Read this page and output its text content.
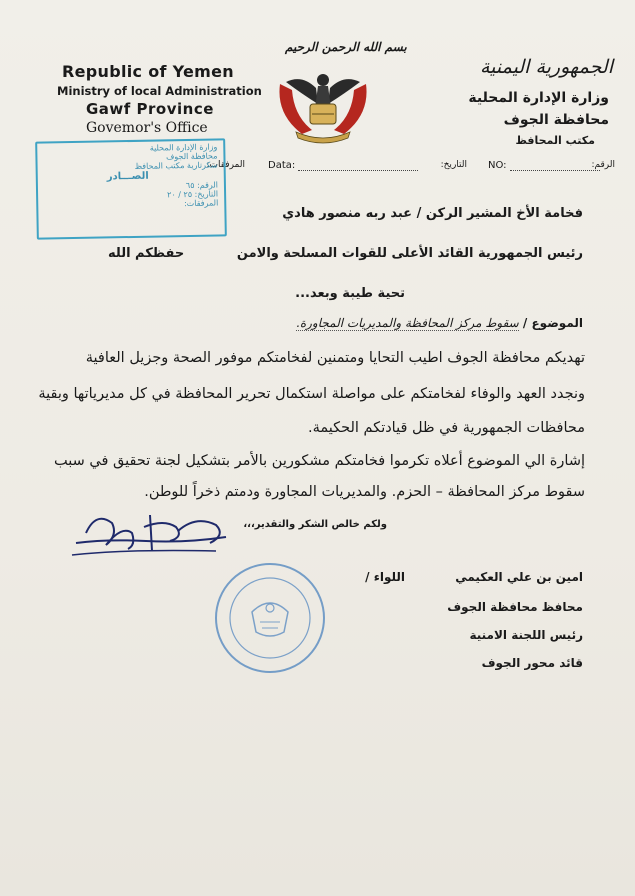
Republic of Yemen
Ministry of local Administration
Gawf Province
Govemor's Office
الجمهورية اليمنية
وزارة الإدارة المحلية
محافظة الجوف
مكتب المحافظ
بسم الله الرحمن الرحيم
الرقم:
NO:
التاريخ:
Data:
المرفقات:
وزارة الإدارة المحلية
محافظة الجوف
سكرتارية مكتب المحافظ
الصـــادر
الرقم: ٦٥
التاريخ: ٢٥ / ٢٠
المرفقات:
فخامة الأخ المشير الركن / عبد ربه منصور هادي
رئيس الجمهورية القائد الأعلى للقوات المسلحة والامن
حفظكم الله
تحية طيبة وبعد...
الموضوع / سقوط مركز المحافظة والمديريات المجاورة.
تهديكم محافظة الجوف اطيب التحايا ومتمنين لفخامتكم موفور الصحة وجزيل العافية
ونجدد العهد والوفاء لفخامتكم على مواصلة استكمال تحرير المحافظة في كل مديرياتها وبقية
محافظات الجمهورية في ظل قيادتكم الحكيمة.
إشارة الي الموضوع أعلاه تكرموا فخامتكم مشكورين بالأمر بتشكيل لجنة تحقيق في سبب
سقوط مركز المحافظة – الحزم. والمديريات المجاورة ودمتم ذخراً للوطن.
ولكم خالص الشكر والتقدير،،،
اللواء /	امين بن علي العكيمي
محافظ محافظة الجوف
رئيس اللجنة الامنية
قائد محور الجوف
